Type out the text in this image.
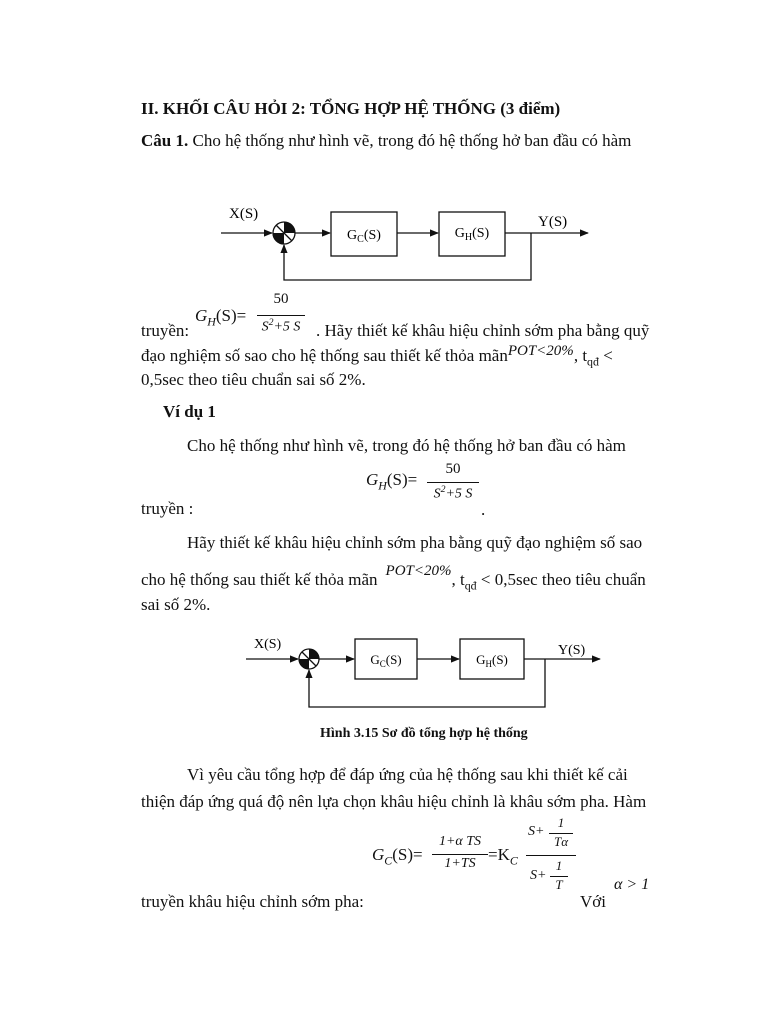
II. KHỐI CÂU HỎI 2: TỔNG HỢP HỆ THỐNG (3 điểm)
Câu 1. Cho hệ thống như hình vẽ, trong đó hệ thống hở ban đầu có hàm
X(S)
$G_C(S)$	$G_H(S)$
Y(S)
$G_H(S)=$
50
$S^2+5$ S
truyền:	. Hãy thiết kế khâu hiệu chỉnh sớm pha bằng quỹ
đạo nghiệm số sao cho hệ thống sau thiết kế thỏa mãnPOT<20%, $t_{qđ}$ <
0,5sec theo tiêu chuẩn sai số 2%.
Ví dụ 1
Cho hệ thống như hình vẽ, trong đó hệ thống hở ban đầu có hàm
$G_H(S)=$
50
$S^2+5$ S
truyền :	.
Hãy thiết kế khâu hiệu chỉnh sớm pha bằng quỹ đạo nghiệm số sao
cho hệ thống sau thiết kế thỏa mãn POT<20%, $t_{qđ} < 0,5\sec$ theo tiêu chuẩn
sai số 2%.
X(S)
$G_C(S)$	$G_H(S)$
Y(S)
Hình 3.15 Sơ đồ tổng hợp hệ thống
Vì yêu cầu tổng hợp để đáp ứng của hệ thống sau khi thiết kế cải
thiện đáp ứng quá độ nên lựa chọn khâu hiệu chỉnh là khâu sớm pha. Hàm
$G_C(S)=$
1+α TS
$1+TS =K_C$
S+
1
Tα
S+
1
T
truyền khâu hiệu chỉnh sớm pha:	Với
α > 1
